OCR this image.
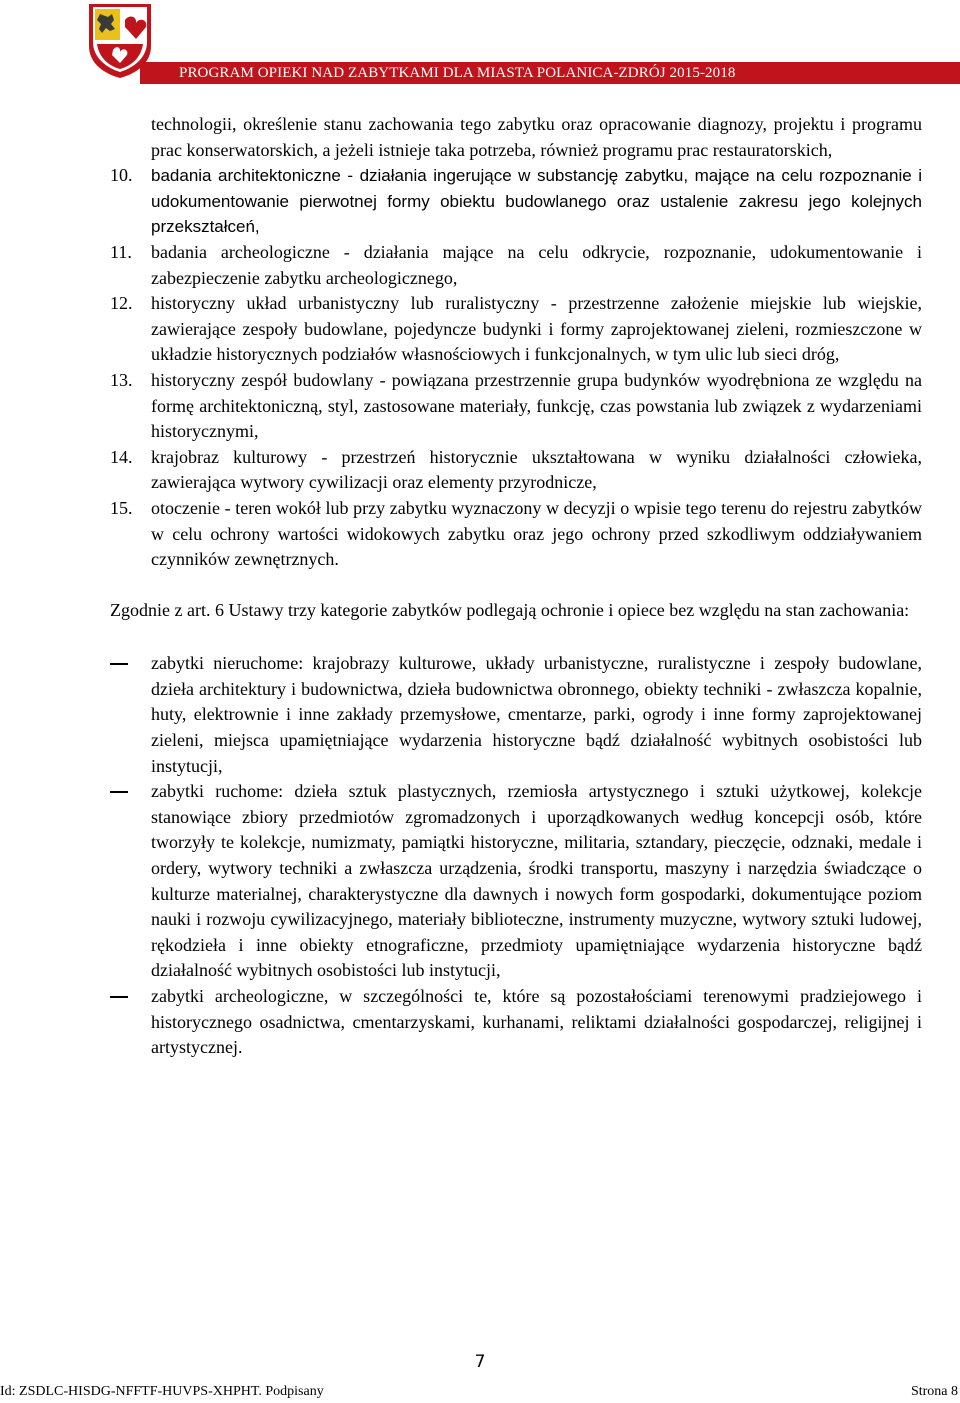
PROGRAM OPIEKI NAD ZABYTKAMI DLA MIASTA POLANICA-ZDRÓJ 2015-2018
technologii, określenie stanu zachowania tego zabytku oraz opracowanie diagnozy, projektu i programu prac konserwatorskich, a jeżeli istnieje taka potrzeba, również programu prac restauratorskich,
10. badania architektoniczne - działania ingerujące w substancję zabytku, mające na celu rozpoznanie i udokumentowanie pierwotnej formy obiektu budowlanego oraz ustalenie zakresu jego kolejnych przekształceń,
11. badania archeologiczne - działania mające na celu odkrycie, rozpoznanie, udokumentowanie i zabezpieczenie zabytku archeologicznego,
12. historyczny układ urbanistyczny lub ruralistyczny - przestrzenne założenie miejskie lub wiejskie, zawierające zespoły budowlane, pojedyncze budynki i formy zaprojektowanej zieleni, rozmieszczone w układzie historycznych podziałów własnościowych i funkcjonalnych, w tym ulic lub sieci dróg,
13. historyczny zespół budowlany - powiązana przestrzennie grupa budynków wyodrębniona ze względu na formę architektoniczną, styl, zastosowane materiały, funkcję, czas powstania lub związek z wydarzeniami historycznymi,
14. krajobraz kulturowy - przestrzeń historycznie ukształtowana w wyniku działalności człowieka, zawierająca wytwory cywilizacji oraz elementy przyrodnicze,
15. otoczenie - teren wokół lub przy zabytku wyznaczony w decyzji o wpisie tego terenu do rejestru zabytków w celu ochrony wartości widokowych zabytku oraz jego ochrony przed szkodliwym oddziaływaniem czynników zewnętrznych.
Zgodnie z art. 6 Ustawy trzy kategorie zabytków podlegają ochronie i opiece bez względu na stan zachowania:
zabytki nieruchome: krajobrazy kulturowe, układy urbanistyczne, ruralistyczne i zespoły budowlane, dzieła architektury i budownictwa, dzieła budownictwa obronnego, obiekty techniki - zwłaszcza kopalnie, huty, elektrownie i inne zakłady przemysłowe, cmentarze, parki, ogrody i inne formy zaprojektowanej zieleni, miejsca upamiętniające wydarzenia historyczne bądź działalność wybitnych osobistości lub instytucji,
zabytki ruchome: dzieła sztuk plastycznych, rzemiosła artystycznego i sztuki użytkowej, kolekcje stanowiące zbiory przedmiotów zgromadzonych i uporządkowanych według koncepcji osób, które tworzyły te kolekcje, numizmaty, pamiątki historyczne, militaria, sztandary, pieczęcie, odznaki, medale i ordery, wytwory techniki a zwłaszcza urządzenia, środki transportu, maszyny i narzędzia świadczące o kulturze materialnej, charakterystyczne dla dawnych i nowych form gospodarki, dokumentujące poziom nauki i rozwoju cywilizacyjnego, materiały biblioteczne, instrumenty muzyczne, wytwory sztuki ludowej, rękodzieła i inne obiekty etnograficzne, przedmioty upamiętniające wydarzenia historyczne bądź działalność wybitnych osobistości lub instytucji,
zabytki archeologiczne, w szczególności te, które są pozostałościami terenowymi pradziejowego i historycznego osadnictwa, cmentarzyskami, kurhanami, reliktami działalności gospodarczej, religijnej i artystycznej.
7
Id: ZSDLC-HISDG-NFFTF-HUVPS-XHPHT. Podpisany	Strona 8
